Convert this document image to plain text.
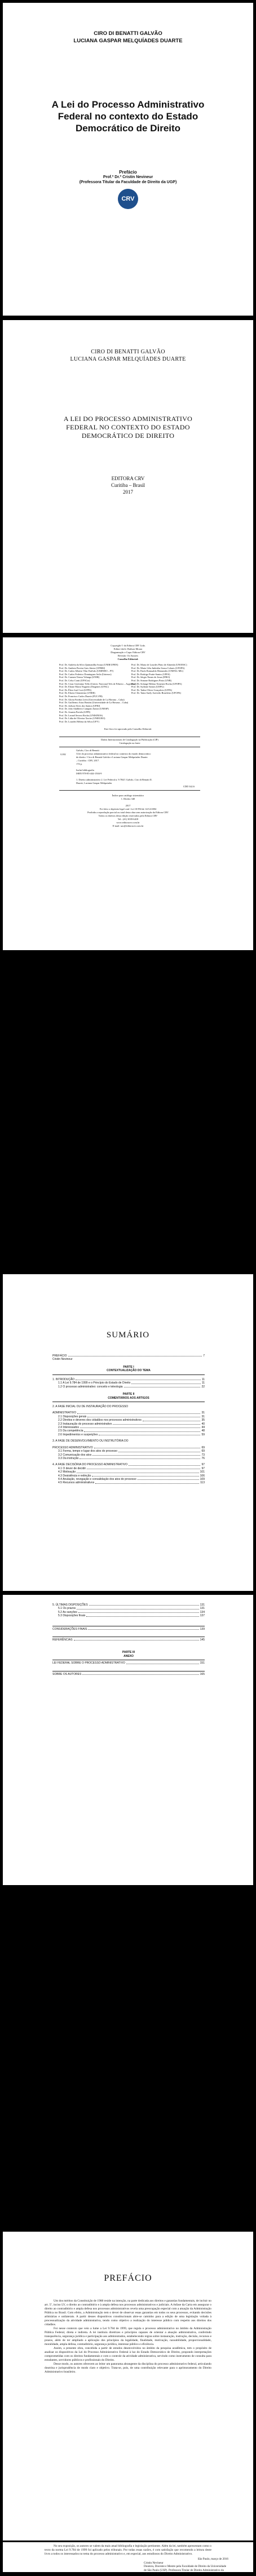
CIRO DI BENATTI GALVÃO
LUCIANA GASPAR MELQUÍADES DUARTE
A Lei do Processo Administrativo
Federal no contexto do Estado
Democrático de Direito
Prefácio
Prof.º Dr.º Cristin Nevineur
(Professora Titular da Faculdade de Direito da UGP)
CRV
CIRO DI BENATTI GALVÃO
LUCIANA GASPAR MELQUÍADES DUARTE
A LEI DO PROCESSO ADMINISTRATIVO
FEDERAL NO CONTEXTO DO ESTADO
DEMOCRÁTICO DE DIREITO
EDITORA CRV
Curitiba – Brasil
2017
Copyright © da Editora CRV Ltda.
Editor-chefe: Railson Moura
Diagramação e Capa: Editora CRV
Revisão: Os Autores
Conselho Editorial:
Prof. Dr. Andréia da Silva Quintanilha Sousa (UNIR/UFRN)
Prof. Dr. Antônio Pereira Gaio Júnior (UFRRJ)
Prof. Dr. Carlos Alberto Vilar Estêvão (UMINHO – PT)
Prof. Dr. Carlos Federico Dominguez Avila (Unieuro)
Prof. Dr. Carmen Tereza Velanga (UNIR)
Prof. Dr. Celso Conti (UFSCar)
Prof. Dr. Cesar Gerónimo Tello (Univer. Nacional Três de Febrero – Argentina)
Prof. Dr. Elione Maria Nogueira Diogenes (UFAL)
Prof. Dr. Élsio José Corá (UFFS)
Prof. Dr. Elizeu Clementino (UNEB)
Prof. Dr. Francisco Carlos Duarte (PUC-PR)
Prof. Dr. Gloria Fariñas León (Universidade de La Havana – Cuba)
Prof. Dr. Guillermo Arias Beatón (Universidade de La Havana – Cuba)
Prof. Dr. Jailson Alves dos Santos (UFRJ)
Prof. Dr. João Adalberto Campato Junior (UNESP)
Prof. Dr. Josania Portela (UFPI)
Prof. Dr. Leonel Severo Rocha (UNISINOS)
Prof. Dr. Lídia de Oliveira Xavier (UNIEURO)
Prof. Dr. Lourdes Helena da Silva (UFV)
Prof. Dr. Maria de Lourdes Pinto de Almeida (UNOESC)
Prof. Dr. Maria Lília Imbiriba Sousa Colares (UFOPA)
Prof. Dr. Paulo Romualdo Hernandes (UNIFAL-MG)
Prof. Dr. Rodrigo Pratte-Santos (UFES)
Prof. Dr. Sérgio Nunes de Jesus (IFRO)
Prof. Dr. Simone Rodrigues Pinto (UNB)
Prof. Dr. Solange Helena Ximenes-Rocha (UFOPA)
Prof. Dr. Sydione Santos (UEPG)
Prof. Dr. Tadeu Oliver Gonçalves (UFPA)
Prof. Dr. Tania Suely Azevedo Brasileiro (UFOPA)
Este livro foi aprovado pelo Conselho Editorial.
Dados Internacionais de Catalogação na Publicação (CIP)
Catalogação na fonte
G182
Galvão, Ciro di Benatti
A lei do processo administrativo federal no contexto do estado democrático
de direito / Ciro di Benatti Galvão e Luciana Gaspar Melquíades Duarte.
– Curitiba : CRV, 2017.
174 p.
Inclui bibliografia
ISBN 978-85-444-1504-9
1. Direito administrativo 2. Lei Federal n. 9.784/1 Galvão, Ciro di Benatti II.
Duarte, Luciana Gaspar Melquíades
CDD 342.6
Índice para catálogo sistemático
1. Direito 340
2017
Foi feito o depósito legal conf. Lei 10.994 de 14/12/2004
Proibida a reprodução parcial ou total desta obra sem autorização da Editora CRV
Todos os direitos desta edição reservados pela Editora CRV
Tel.: (41) 3039-6418
www.editoracrv.com.br
E-mail: sac@editoracrv.com.br
SUMÁRIO
PREFÁCIO	7
Cristin Nevineur
PARTE I
CONTEXTUALIZAÇÃO DO TEMA
1. INTRODUÇÃO	11
1.1 A Lei 9.784 de 1999 e o Princípio do Estado de Direito	11
1.2 O processo administrativo: conceito e teleologia	22
PARTE II
COMENTÁRIOS AOS ARTIGOS
2. A FASE INICIAL OU DE INSTAURAÇÃO DO PROCESSO
ADMINISTRATIVO	31
2.1 Disposições gerais	31
2.2 Direitos e deveres dos cidadãos nos processos administrativos	35
2.3 Instauração do processo administrativo	40
2.4 Interessados	44
2.5 Da competência	48
2.6 Impedimentos e suspeições	59
3. A FASE DE DESENVOLVIMENTO OU INSTRUTÓRIA DO
PROCESSO ADMINISTRATIVO	69
3.1 Forma, tempo e lugar dos atos do processo	69
3.2 Comunicação dos atos	73
3.3 Da instrução	76
4. A FASE DECISÓRIA DO PROCESSO ADMINISTRATIVO	97
4.1 O dever de decidir	97
4.2 Motivação	101
4.3 Desistência e extinção	106
4.4 Anulação, revogação e convalidação dos atos do processo	109
4.5 Recursos administrativos	113
5. ÚLTIMAS DISPOSIÇÕES	131
5.1 Os prazos	131
5.2 As sanções	134
5.3 Disposições finais	137
CONSIDERAÇÕES FINAIS	139
REFERÊNCIAS	145
PARTE III
ANEXO
LEI FEDERAL SOBRE O PROCESSO ADMINISTRATIVO	151
SOBRE OS AUTORES	165
PREFÁCIO

Um dos méritos da Constituição de 1988 reside na intenção, na parte dedicada aos direitos e garantias fundamentais, de incluir no art. 5º, inciso LV, o direito ao contraditório e à ampla defesa nos processos administrativos e judiciais. A ênfase da Carta em assegurar o direito ao contraditório e ampla defesa nos processos administrativos revela uma preocupação especial com a atuação da Administração Pública no Brasil. Com efeito, a Administração tem o dever de observar essas garantias em todos os seus processos, evitando decisões arbitrárias e unilaterais. A partir desses dispositivos constitucionais abre-se caminho para a edição de uma legislação voltada à processualização da atividade administrativa, tendo como objetivo a realização do interesse público com respeito aos direitos dos cidadãos.

Foi nesse contexto que veio a lume a Lei 9.784 de 1999, que regula o processo administrativo no âmbito da Administração Pública Federal, direta e indireta. A lei instituiu diretrizes e princípios capazes de orientar a atuação administrativa, conferindo transparência, segurança jurídica e participação aos administrados, estabelecendo regras sobre instauração, instrução, decisão, recursos e prazos, além de ter ampliado a aplicação dos princípios da legalidade, finalidade, motivação, razoabilidade, proporcionalidade, moralidade, ampla defesa, contraditório, segurança jurídica, interesse público e eficiência.

Assim, a presente obra, concebida a partir de estudos desenvolvidos no âmbito da pesquisa acadêmica, tem o propósito de analisar os dispositivos da Lei do Processo Administrativo Federal à luz do Estado Democrático de Direito, propondo interpretações comprometidas com os direitos fundamentais e com o controle da atividade administrativa, servindo como instrumento de consulta para estudantes, servidores públicos e profissionais do Direito.

Desse modo, os autores oferecem ao leitor um panorama abrangente da disciplina do processo administrativo federal, articulando doutrina e jurisprudência de modo claro e objetivo. Trata-se, pois, de uma contribuição relevante para o aprimoramento do Direito Administrativo brasileiro.

No seu exposição, os autores se valem da mais atual bibliografia e legislação pertinente. Além da lei, também apresentam como o texto da norma Lei 9.784 de 1999 foi aplicado pelos tribunais. Por todas essas razões, é com satisfação que recomendo a leitura deste livro a todos os interessados no tema do processo administrativo e, em especial, aos estudiosos do Direito Administrativo.

São Paulo, março de 2016
Cristin Nevineur
Doutora, Docente e Mestre pela Faculdade de Direito da Universidade de São Paulo (USP). Professora Titular de Direito Administrativo da Faculdade de Direito da Universidade de São Paulo.
